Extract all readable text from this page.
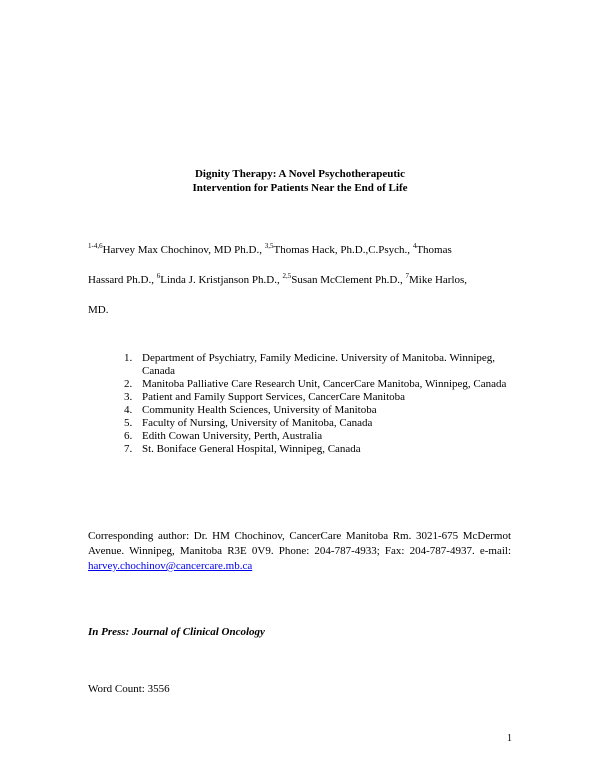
Dignity Therapy: A Novel Psychotherapeutic
Intervention for Patients Near the End of Life
$^{1-4,6}$Harvey Max Chochinov, MD Ph.D., $^{3,5}$Thomas Hack, Ph.D.,C.Psych., $^4$Thomas
Hassard Ph.D., $^6$Linda J. Kristjanson Ph.D., $^{2,5}$Susan McClement Ph.D., $^7$Mike Harlos,
MD.
1. Department of Psychiatry, Family Medicine. University of Manitoba. Winnipeg, Canada
2. Manitoba Palliative Care Research Unit, CancerCare Manitoba, Winnipeg, Canada
3. Patient and Family Support Services, CancerCare Manitoba
4. Community Health Sciences, University of Manitoba
5. Faculty of Nursing, University of Manitoba, Canada
6. Edith Cowan University, Perth, Australia
7. St. Boniface General Hospital, Winnipeg, Canada
Corresponding author: Dr. HM Chochinov, CancerCare Manitoba Rm. 3021-675 McDermot Avenue. Winnipeg, Manitoba R3E 0V9. Phone: 204-787-4933; Fax: 204-787-4937. e-mail: harvey.chochinov@cancercare.mb.ca
In Press: Journal of Clinical Oncology
Word Count: 3556
1
